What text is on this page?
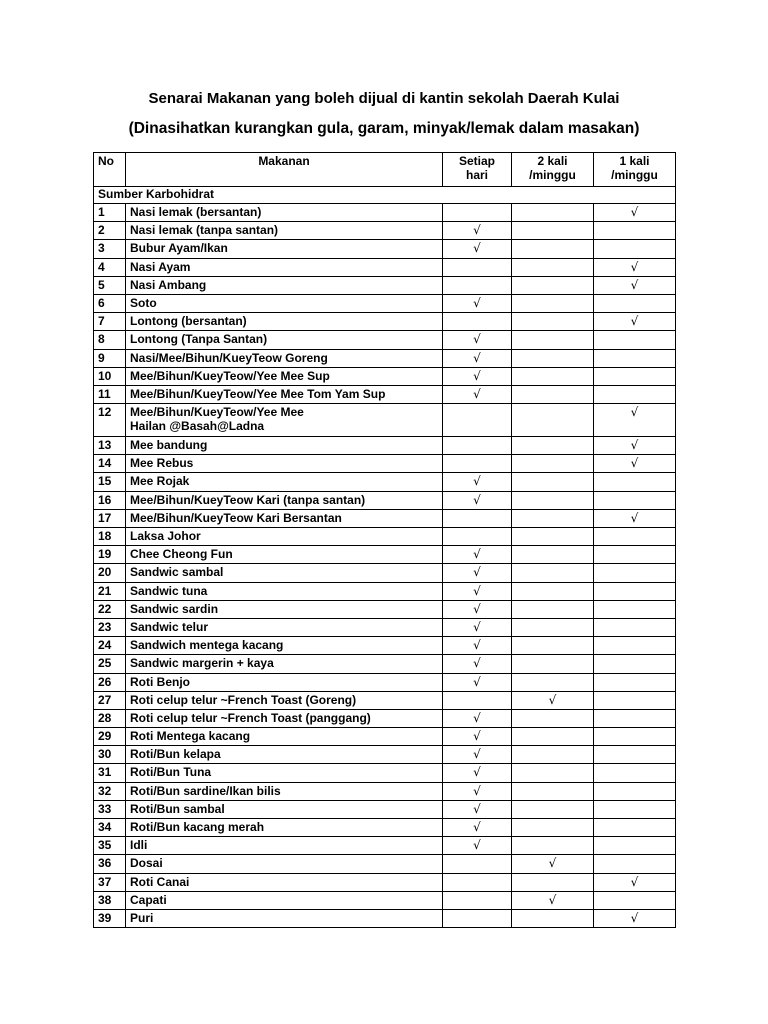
Senarai Makanan yang boleh dijual di kantin sekolah Daerah Kulai
(Dinasihatkan kurangkan gula, garam, minyak/lemak dalam masakan)
No	Makanan	Setiap hari	2 kali /minggu	1 kali /minggu
Sumber Karbohidrat				
1	Nasi lemak (bersantan)			√
2	Nasi lemak (tanpa santan)	√		
3	Bubur Ayam/Ikan	√		
4	Nasi Ayam			√
5	Nasi Ambang			√
6	Soto	√		
7	Lontong (bersantan)			√
8	Lontong (Tanpa Santan)	√		
9	Nasi/Mee/Bihun/KueyTeow Goreng	√		
10	Mee/Bihun/KueyTeow/Yee Mee Sup	√		
11	Mee/Bihun/KueyTeow/Yee Mee Tom Yam Sup	√		
12	Mee/Bihun/KueyTeow/Yee Mee
Hailan @Basah@Ladna			√
13	Mee bandung			√
14	Mee Rebus			√
15	Mee Rojak	√		
16	Mee/Bihun/KueyTeow Kari (tanpa santan)	√		
17	Mee/Bihun/KueyTeow Kari Bersantan			√
18	Laksa Johor			
19	Chee Cheong Fun	√		
20	Sandwic sambal	√		
21	Sandwic tuna	√		
22	Sandwic sardin	√		
23	Sandwic telur	√		
24	Sandwich mentega kacang	√		
25	Sandwic margerin + kaya	√		
26	Roti Benjo	√		
27	Roti celup telur ~French Toast (Goreng)		√	
28	Roti celup telur ~French Toast (panggang)	√		
29	Roti Mentega kacang	√		
30	Roti/Bun kelapa	√		
31	Roti/Bun Tuna	√		
32	Roti/Bun sardine/Ikan bilis	√		
33	Roti/Bun sambal	√		
34	Roti/Bun kacang merah	√		
35	Idli	√		
36	Dosai		√	
37	Roti Canai			√
38	Capati		√	
39	Puri			√
